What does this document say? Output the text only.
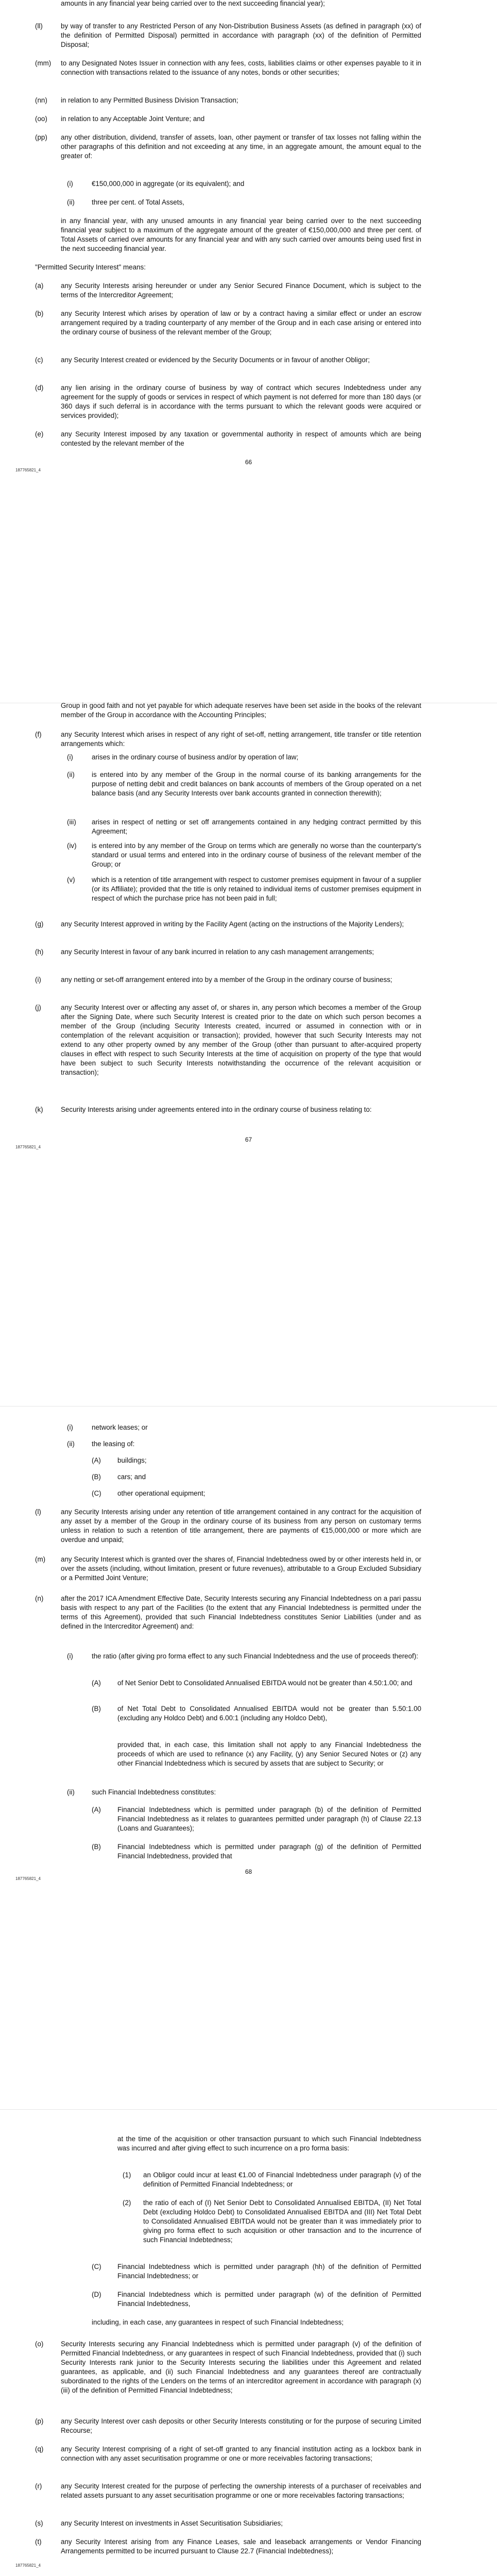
amounts in any financial year being carried over to the next succeeding financial year);
(ll)	by way of transfer to any Restricted Person of any Non-Distribution Business Assets (as defined in paragraph (xx) of the definition of Permitted Disposal) permitted in accordance with paragraph (xx) of the definition of Permitted Disposal;
(mm) to any Designated Notes Issuer in connection with any fees, costs, liabilities claims or other expenses payable to it in connection with transactions related to the issuance of any notes, bonds or other securities;
(nn) in relation to any Permitted Business Division Transaction;
(oo) in relation to any Acceptable Joint Venture; and
(pp) any other distribution, dividend, transfer of assets, loan, other payment or transfer of tax losses not falling within the other paragraphs of this definition and not exceeding at any time, in an aggregate amount, the amount equal to the greater of:
(i)	€150,000,000 in aggregate (or its equivalent); and
(ii) three per cent. of Total Assets,
in any financial year, with any unused amounts in any financial year being carried over to the next succeeding financial year subject to a maximum of the aggregate amount of the greater of €150,000,000 and three per cent. of Total Assets of carried over amounts for any financial year and with any such carried over amounts being used first in the next succeeding financial year.
"Permitted Security Interest" means:
(a)	any Security Interests arising hereunder or under any Senior Secured Finance Document, which is subject to the terms of the Intercreditor Agreement;
(b)	any Security Interest which arises by operation of law or by a contract having a similar effect or under an escrow arrangement required by a trading counterparty of any member of the Group and in each case arising or entered into the ordinary course of business of the relevant member of the Group;
(c)	any Security Interest created or evidenced by the Security Documents or in favour of another Obligor;
(d)	any lien arising in the ordinary course of business by way of contract which secures Indebtedness under any agreement for the supply of goods or services in respect of which payment is not deferred for more than 180 days (or 360 days if such deferral is in accordance with the terms pursuant to which the relevant goods were acquired or services provided);
(e)	any Security Interest imposed by any taxation or governmental authority in respect of amounts which are being contested by the relevant member of the
66
187765821_4
Group in good faith and not yet payable for which adequate reserves have been set aside in the books of the relevant member of the Group in accordance with the Accounting Principles;
(f)	any Security Interest which arises in respect of any right of set-off, netting arrangement, title transfer or title retention arrangements which:
(i)	arises in the ordinary course of business and/or by operation of law;
(ii) is entered into by any member of the Group in the normal course of its banking arrangements for the purpose of netting debit and credit balances on bank accounts of members of the Group operated on a net balance basis (and any Security Interests over bank accounts granted in connection therewith);
(iii) arises in respect of netting or set off arrangements contained in any hedging contract permitted by this Agreement;
(iv) is entered into by any member of the Group on terms which are generally no worse than the counterparty's standard or usual terms and entered into in the ordinary course of business of the relevant member of the Group; or
(v) which is a retention of title arrangement with respect to customer premises equipment in favour of a supplier (or its Affiliate); provided that the title is only retained to individual items of customer premises equipment in respect of which the purchase price has not been paid in full;
(g)	any Security Interest approved in writing by the Facility Agent (acting on the instructions of the Majority Lenders);
(h)	any Security Interest in favour of any bank incurred in relation to any cash management arrangements;
(i)	any netting or set-off arrangement entered into by a member of the Group in the ordinary course of business;
(j)	any Security Interest over or affecting any asset of, or shares in, any person which becomes a member of the Group after the Signing Date, where such Security Interest is created prior to the date on which such person becomes a member of the Group (including Security Interests created, incurred or assumed in connection with or in contemplation of the relevant acquisition or transaction); provided, however that such Security Interests may not extend to any other property owned by any member of the Group (other than pursuant to after-acquired property clauses in effect with respect to such Security Interests at the time of acquisition on property of the type that would have been subject to such Security Interests notwithstanding the occurrence of the relevant acquisition or transaction);
(k)	Security Interests arising under agreements entered into in the ordinary course of business relating to:
67
187765821_4
(i)	network leases; or
(ii) the leasing of:
(A) buildings;
(B) cars; and
(C) other operational equipment;
(l)	any Security Interests arising under any retention of title arrangement contained in any contract for the acquisition of any asset by a member of the Group in the ordinary course of its business from any person on customary terms unless in relation to such a retention of title arrangement, there are payments of €15,000,000 or more which are overdue and unpaid;
(m) any Security Interest which is granted over the shares of, Financial Indebtedness owed by or other interests held in, or over the assets (including, without limitation, present or future revenues), attributable to a Group Excluded Subsidiary or a Permitted Joint Venture;
(n)	after the 2017 ICA Amendment Effective Date, Security Interests securing any Financial Indebtedness on a pari passu basis with respect to any part of the Facilities (to the extent that any Financial Indebtedness is permitted under the terms of this Agreement), provided that such Financial Indebtedness constitutes Senior Liabilities (under and as defined in the Intercreditor Agreement) and:
(i)	the ratio (after giving pro forma effect to any such Financial Indebtedness and the use of proceeds thereof):
(A) of Net Senior Debt to Consolidated Annualised EBITDA would not be greater than 4.50:1.00; and
(B) of Net Total Debt to Consolidated Annualised EBITDA would not be greater than 5.50:1.00 (excluding any Holdco Debt) and 6.00:1 (including any Holdco Debt),
provided that, in each case, this limitation shall not apply to any Financial Indebtedness the proceeds of which are used to refinance (x) any Facility, (y) any Senior Secured Notes or (z) any other Financial Indebtedness which is secured by assets that are subject to Security; or
(ii) such Financial Indebtedness constitutes:
(A) Financial Indebtedness which is permitted under paragraph (b) of the definition of Permitted Financial Indebtedness as it relates to guarantees permitted under paragraph (h) of Clause 22.13 (Loans and Guarantees);
(B) Financial Indebtedness which is permitted under paragraph (g) of the definition of Permitted Financial Indebtedness, provided that
68
187765821_4
at the time of the acquisition or other transaction pursuant to which such Financial Indebtedness was incurred and after giving effect to such incurrence on a pro forma basis:
(1) an Obligor could incur at least €1.00 of Financial Indebtedness under paragraph (v) of the definition of Permitted Financial Indebtedness; or
(2) the ratio of each of (I) Net Senior Debt to Consolidated Annualised EBITDA, (II) Net Total Debt (excluding Holdco Debt) to Consolidated Annualised EBITDA and (III) Net Total Debt to Consolidated Annualised EBITDA would not be greater than it was immediately prior to giving pro forma effect to such acquisition or other transaction and to the incurrence of such Financial Indebtedness;
(C) Financial Indebtedness which is permitted under paragraph (hh) of the definition of Permitted Financial Indebtedness; or
(D) Financial Indebtedness which is permitted under paragraph (w) of the definition of Permitted Financial Indebtedness,
including, in each case, any guarantees in respect of such Financial Indebtedness;
(o)	Security Interests securing any Financial Indebtedness which is permitted under paragraph (v) of the definition of Permitted Financial Indebtedness, or any guarantees in respect of such Financial Indebtedness, provided that (i) such Security Interests rank junior to the Security Interests securing the liabilities under this Agreement and related guarantees, as applicable, and (ii) such Financial Indebtedness and any guarantees thereof are contractually subordinated to the rights of the Lenders on the terms of an intercreditor agreement in accordance with paragraph (x)(iii) of the definition of Permitted Financial Indebtedness;
(p)	any Security Interest over cash deposits or other Security Interests constituting or for the purpose of securing Limited Recourse;
(q)	any Security Interest comprising of a right of set-off granted to any financial institution acting as a lockbox bank in connection with any asset securitisation programme or one or more receivables factoring transactions;
(r)	any Security Interest created for the purpose of perfecting the ownership interests of a purchaser of receivables and related assets pursuant to any asset securitisation programme or one or more receivables factoring transactions;
(s)	any Security Interest on investments in Asset Securitisation Subsidiaries;
(t)	any Security Interest arising from any Finance Leases, sale and leaseback arrangements or Vendor Financing Arrangements permitted to be incurred pursuant to Clause 22.7 (Financial Indebtedness);
187765821_4
